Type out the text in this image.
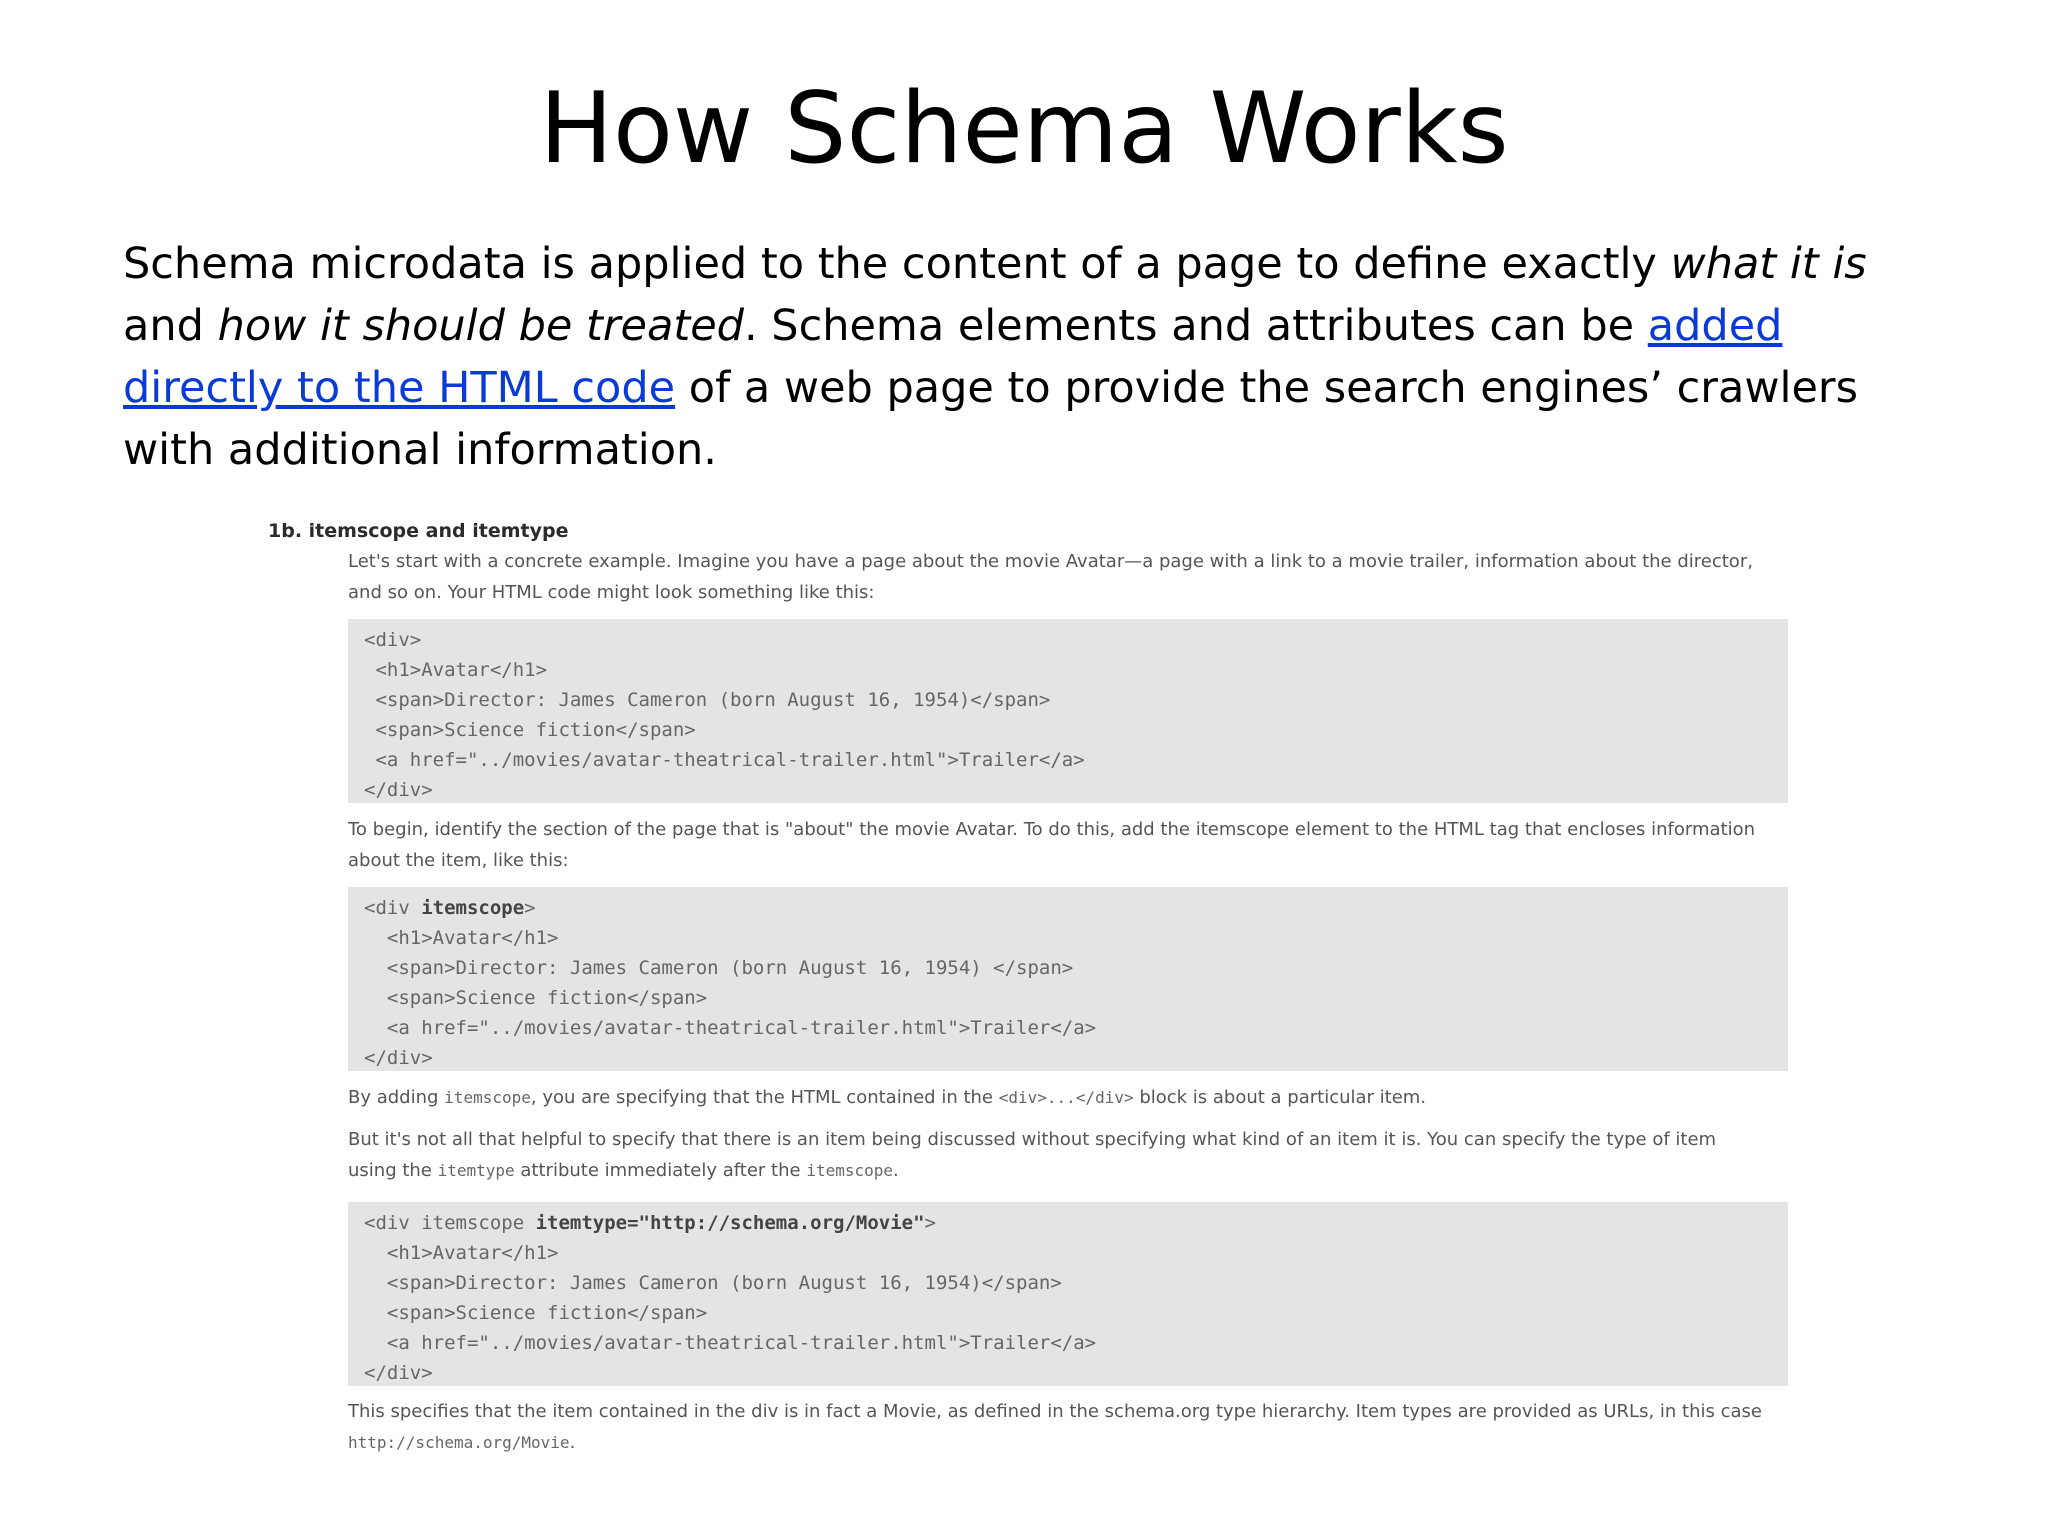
How Schema Works
Schema microdata is applied to the content of a page to define exactly what it is and how it should be treated. Schema elements and attributes can be added directly to the HTML code of a web page to provide the search engines’ crawlers with additional information.
1b. itemscope and itemtype
Let's start with a concrete example. Imagine you have a page about the movie Avatar—a page with a link to a movie trailer, information about the director, and so on. Your HTML code might look something like this:
<div>
<h1>Avatar</h1>
<span>Director: James Cameron (born August 16, 1954)</span>
<span>Science fiction</span>
<a href="../movies/avatar-theatrical-trailer.html">Trailer</a>
</div>
To begin, identify the section of the page that is "about" the movie Avatar. To do this, add the itemscope element to the HTML tag that encloses information about the item, like this:
<div itemscope>
<h1>Avatar</h1>
<span>Director: James Cameron (born August 16, 1954) </span>
<span>Science fiction</span>
<a href="../movies/avatar-theatrical-trailer.html">Trailer</a>
</div>
By adding itemscope, you are specifying that the HTML contained in the <div>...</div> block is about a particular item.
But it's not all that helpful to specify that there is an item being discussed without specifying what kind of an item it is. You can specify the type of item using the itemtype attribute immediately after the itemscope.
<div itemscope itemtype="http://schema.org/Movie">
<h1>Avatar</h1>
<span>Director: James Cameron (born August 16, 1954)</span>
<span>Science fiction</span>
<a href="../movies/avatar-theatrical-trailer.html">Trailer</a>
</div>
This specifies that the item contained in the div is in fact a Movie, as defined in the schema.org type hierarchy. Item types are provided as URLs, in this case http://schema.org/Movie.
